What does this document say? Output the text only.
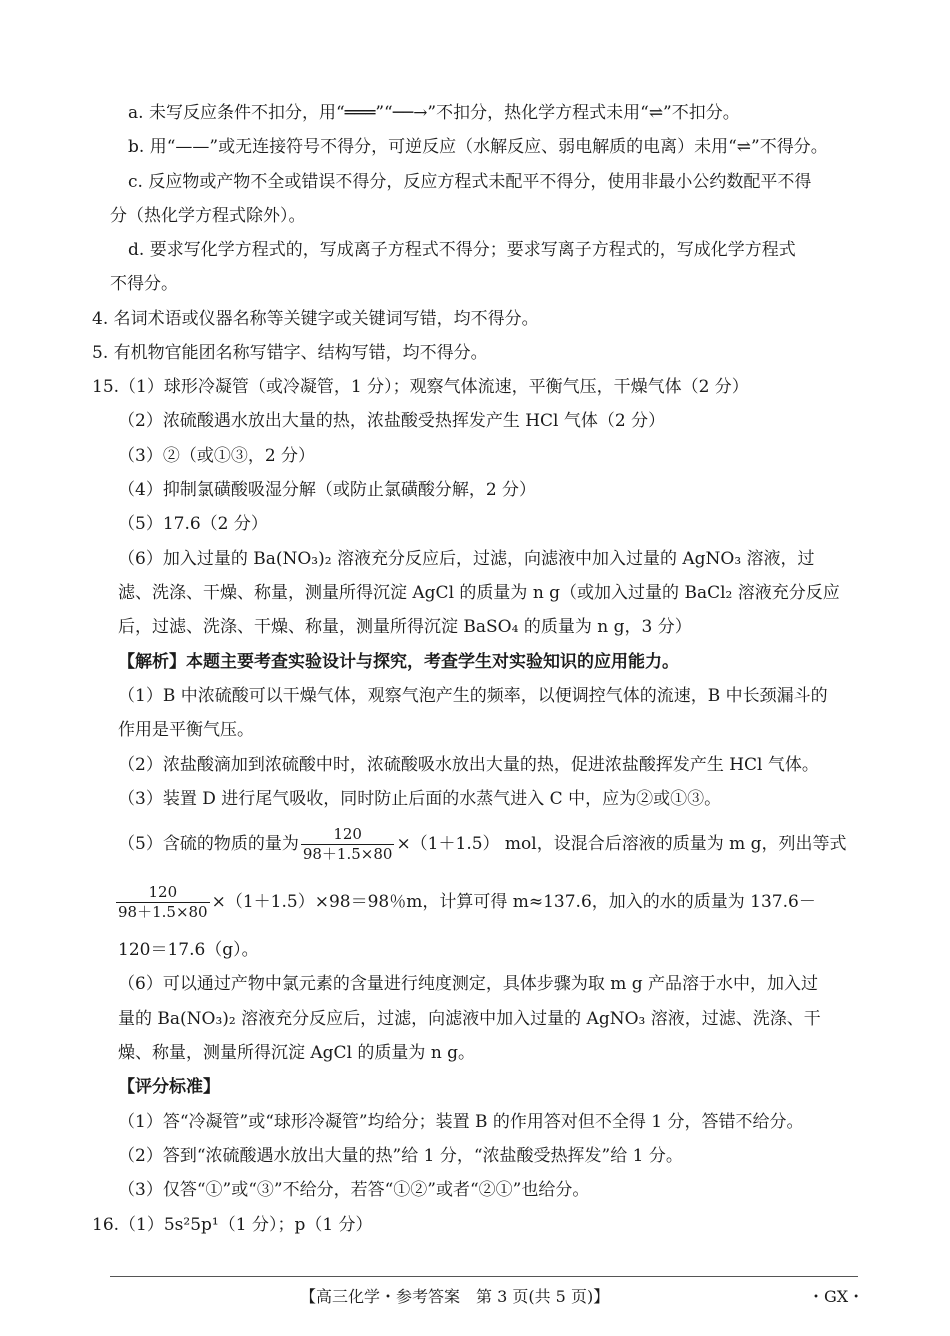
a. 未写反应条件不扣分，用“═══”“──→”不扣分，热化学方程式未用“⇌”不扣分。
b. 用“——”或无连接符号不得分，可逆反应（水解反应、弱电解质的电离）未用“⇌”不得分。
c. 反应物或产物不全或错误不得分，反应方程式未配平不得分，使用非最小公约数配平不得
分（热化学方程式除外）。
d. 要求写化学方程式的，写成离子方程式不得分；要求写离子方程式的，写成化学方程式
不得分。
4. 名词术语或仪器名称等关键字或关键词写错，均不得分。
5. 有机物官能团名称写错字、结构写错，均不得分。
15.（1）球形冷凝管（或冷凝管，1 分）；观察气体流速，平衡气压，干燥气体（2 分）
（2）浓硫酸遇水放出大量的热，浓盐酸受热挥发产生 HCl 气体（2 分）
（3）②（或①③，2 分）
（4）抑制氯磺酸吸湿分解（或防止氯磺酸分解，2 分）
（5）17.6（2 分）
（6）加入过量的 Ba(NO₃)₂ 溶液充分反应后，过滤，向滤液中加入过量的 AgNO₃ 溶液，过
滤、洗涤、干燥、称量，测量所得沉淀 AgCl 的质量为 n g（或加入过量的 BaCl₂ 溶液充分反应
后，过滤、洗涤、干燥、称量，测量所得沉淀 BaSO₄ 的质量为 n g，3 分）
【解析】本题主要考查实验设计与探究，考查学生对实验知识的应用能力。
（1）B 中浓硫酸可以干燥气体，观察气泡产生的频率，以便调控气体的流速，B 中长颈漏斗的
作用是平衡气压。
（2）浓盐酸滴加到浓硫酸中时，浓硫酸吸水放出大量的热，促进浓盐酸挥发产生 HCl 气体。
（3）装置 D 进行尾气吸收，同时防止后面的水蒸气进入 C 中，应为②或①③。
（5）含硫的物质的量为 $\frac{120}{98+1.5\times 80} \times(1+1.5)$ mol，设混合后溶液的质量为 m g，列出等式
$\frac{120}{98+1.5\times 80} \times(1+1.5)\times 98=98$％m，计算可得 m≈137.6，加入的水的质量为 137.6－
120＝17.6（g）。
（6）可以通过产物中氯元素的含量进行纯度测定，具体步骤为取 m g 产品溶于水中，加入过
量的 Ba(NO₃)₂ 溶液充分反应后，过滤，向滤液中加入过量的 AgNO₃ 溶液，过滤、洗涤、干
燥、称量，测量所得沉淀 AgCl 的质量为 n g。
【评分标准】
（1）答“冷凝管”或“球形冷凝管”均给分；装置 B 的作用答对但不全得 1 分，答错不给分。
（2）答到“浓硫酸遇水放出大量的热”给 1 分，“浓盐酸受热挥发”给 1 分。
（3）仅答“①”或“③”不给分，若答“①②”或者“②①”也给分。
16.（1）5s²5p¹（1 分）；p（1 分）
【高三化学・参考答案　第 3 页(共 5 页)】	・GX・
